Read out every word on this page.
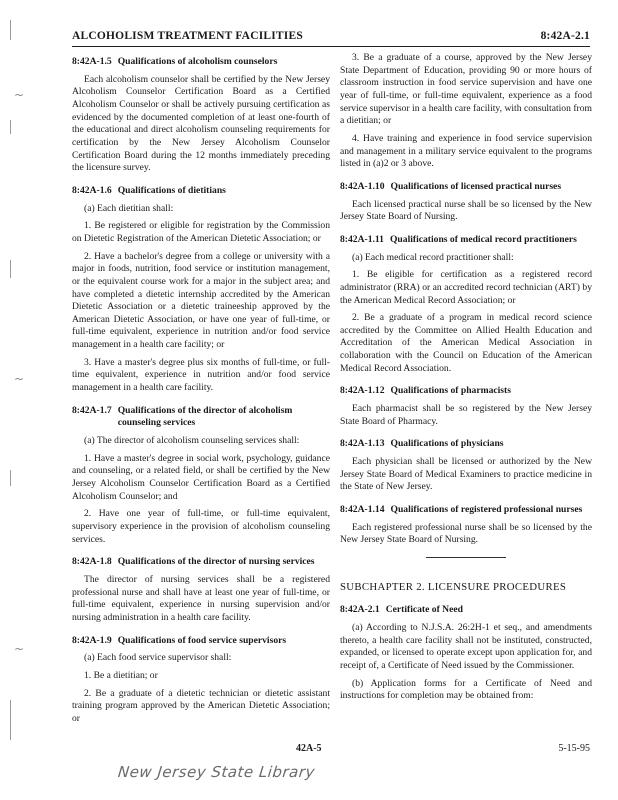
~
~
~
ALCOHOLISM TREATMENT FACILITIES	8:42A-2.1
8:42A-1.5 Qualifications of alcoholism counselors

Each alcoholism counselor shall be certified by the New Jersey Alcoholism Counselor Certification Board as a Certified Alcoholism Counselor or shall be actively pursuing certification as evidenced by the documented completion of at least one-fourth of the educational and direct alcoholism counseling requirements for certification by the New Jersey Alcoholism Counselor Certification Board during the 12 months immediately preceding the licensure survey.

8:42A-1.6 Qualifications of dietitians

(a) Each dietitian shall:

1. Be registered or eligible for registration by the Commission on Dietetic Registration of the American Dietetic Association; or

2. Have a bachelor's degree from a college or university with a major in foods, nutrition, food service or institution management, or the equivalent course work for a major in the subject area; and have completed a dietetic internship accredited by the American Dietetic Association or a dietetic traineeship approved by the American Dietetic Association, or have one year of full-time, or full-time equivalent, experience in nutrition and/or food service management in a health care facility; or

3. Have a master's degree plus six months of full-time, or full-time equivalent, experience in nutrition and/or food service management in a health care facility.

8:42A-1.7 Qualifications of the director of alcoholism counseling services

(a) The director of alcoholism counseling services shall:

1. Have a master's degree in social work, psychology, guidance and counseling, or a related field, or shall be certified by the New Jersey Alcoholism Counselor Certification Board as a Certified Alcoholism Counselor; and

2. Have one year of full-time, or full-time equivalent, supervisory experience in the provision of alcoholism counseling services.

8:42A-1.8 Qualifications of the director of nursing services

The director of nursing services shall be a registered professional nurse and shall have at least one year of full-time, or full-time equivalent, experience in nursing supervision and/or nursing administration in a health care facility.

8:42A-1.9 Qualifications of food service supervisors

(a) Each food service supervisor shall:

1. Be a dietitian; or

2. Be a graduate of a dietetic technician or dietetic assistant training program approved by the American Dietetic Association; or

3. Be a graduate of a course, approved by the New Jersey State Department of Education, providing 90 or more hours of classroom instruction in food service supervision and have one year of full-time, or full-time equivalent, experience as a food service supervisor in a health care facility, with consultation from a dietitian; or

4. Have training and experience in food service supervision and management in a military service equivalent to the programs listed in (a)2 or 3 above.

8:42A-1.10 Qualifications of licensed practical nurses

Each licensed practical nurse shall be so licensed by the New Jersey State Board of Nursing.

8:42A-1.11 Qualifications of medical record practitioners

(a) Each medical record practitioner shall:

1. Be eligible for certification as a registered record administrator (RRA) or an accredited record technician (ART) by the American Medical Record Association; or

2. Be a graduate of a program in medical record science accredited by the Committee on Allied Health Education and Accreditation of the American Medical Association in collaboration with the Council on Education of the American Medical Record Association.

8:42A-1.12 Qualifications of pharmacists

Each pharmacist shall be so registered by the New Jersey State Board of Pharmacy.

8:42A-1.13 Qualifications of physicians

Each physician shall be licensed or authorized by the New Jersey State Board of Medical Examiners to practice medicine in the State of New Jersey.

8:42A-1.14 Qualifications of registered professional nurses

Each registered professional nurse shall be so licensed by the New Jersey State Board of Nursing.

SUBCHAPTER 2. LICENSURE PROCEDURES
8:42A-2.1 Certificate of Need

(a) According to N.J.S.A. 26:2H-1 et seq., and amendments thereto, a health care facility shall not be instituted, constructed, expanded, or licensed to operate except upon application for, and receipt of, a Certificate of Need issued by the Commissioner.

(b) Application forms for a Certificate of Need and instructions for completion may be obtained from:

42A-5	5-15-95
New Jersey State Library
